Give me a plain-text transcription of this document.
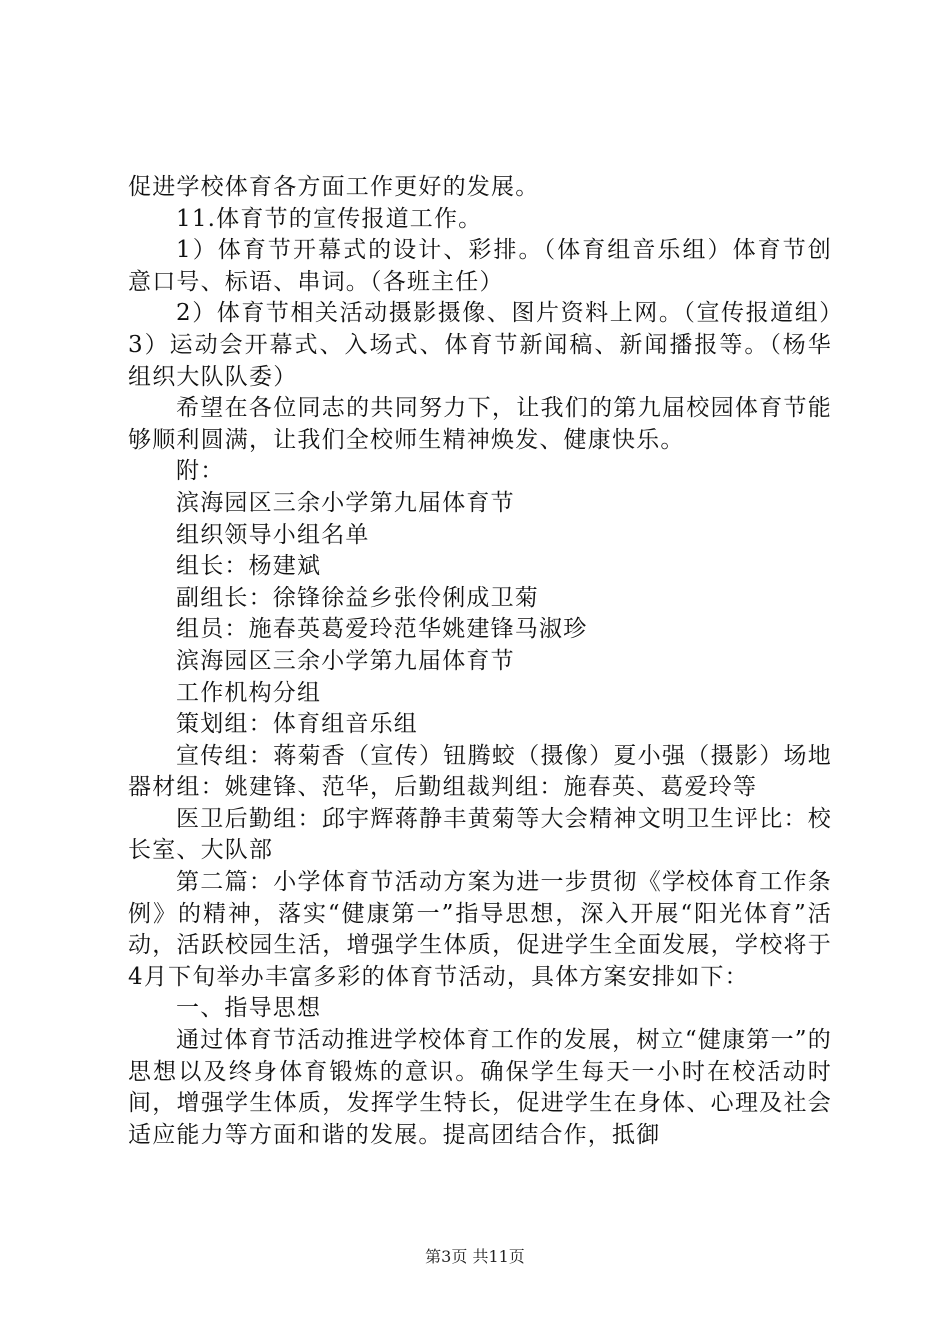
促进学校体育各方面工作更好的发展。

11.体育节的宣传报道工作。

1）体育节开幕式的设计、彩排。（体育组音乐组）体育节创意口号、标语、串词。（各班主任）

2）体育节相关活动摄影摄像、图片资料上网。（宣传报道组）3）运动会开幕式、入场式、体育节新闻稿、新闻播报等。（杨华组织大队队委）

希望在各位同志的共同努力下，让我们的第九届校园体育节能够顺利圆满，让我们全校师生精神焕发、健康快乐。

附：

滨海园区三余小学第九届体育节

组织领导小组名单

组长：杨建斌

副组长：徐锋徐益乡张伶俐成卫菊

组员：施春英葛爱玲范华姚建锋马淑珍

滨海园区三余小学第九届体育节

工作机构分组

策划组：体育组音乐组

宣传组：蒋菊香（宣传）钮腾蛟（摄像）夏小强（摄影）场地器材组：姚建锋、范华，后勤组裁判组：施春英、葛爱玲等

医卫后勤组：邱宇辉蒋静丰黄菊等大会精神文明卫生评比：校长室、大队部

第二篇：小学体育节活动方案为进一步贯彻《学校体育工作条例》的精神，落实“健康第一”指导思想，深入开展“阳光体育”活动，活跃校园生活，增强学生体质，促进学生全面发展，学校将于4月下旬举办丰富多彩的体育节活动，具体方案安排如下：

一、指导思想

通过体育节活动推进学校体育工作的发展，树立“健康第一”的思想以及终身体育锻炼的意识。确保学生每天一小时在校活动时间，增强学生体质，发挥学生特长，促进学生在身体、心理及社会适应能力等方面和谐的发展。提高团结合作，抵御

第3页 共11页
